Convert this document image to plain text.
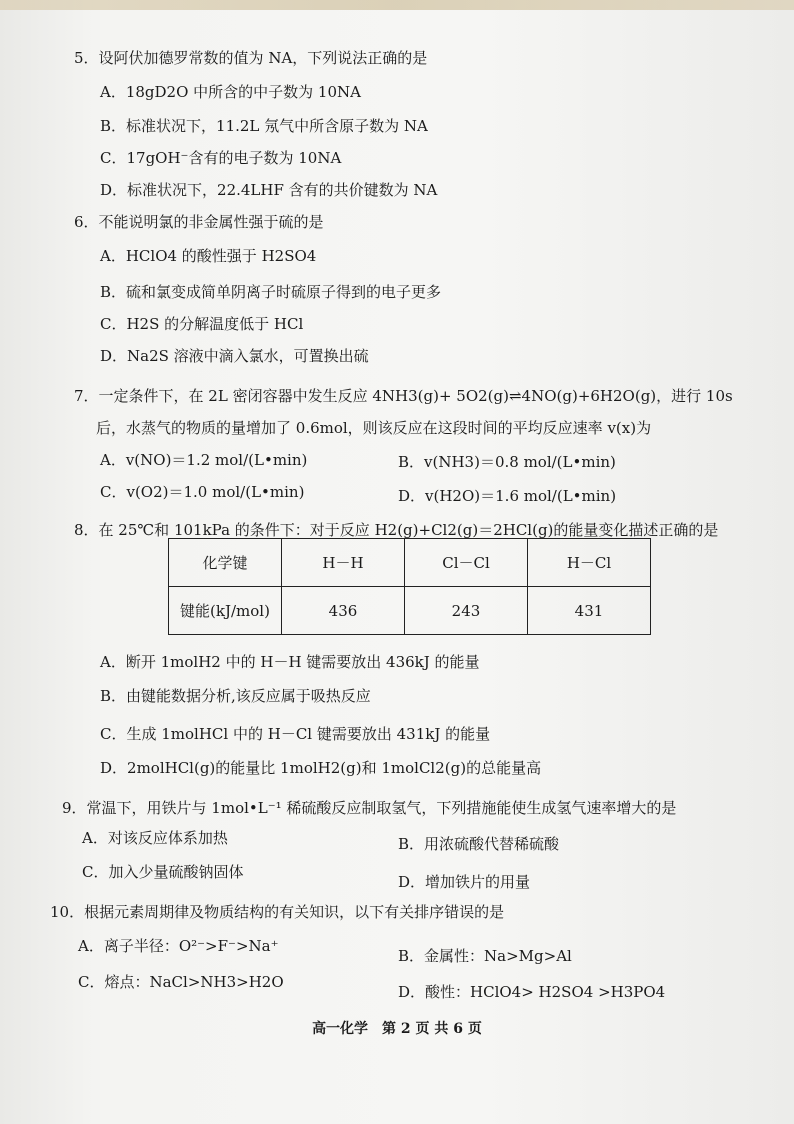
5．设阿伏加德罗常数的值为 NA，下列说法正确的是
A．18gD2O 中所含的中子数为 10NA
B．标准状况下，11.2L 氖气中所含原子数为 NA
C．17gOH⁻含有的电子数为 10NA
D．标准状况下，22.4LHF 含有的共价键数为 NA
6．不能说明氯的非金属性强于硫的是
A．HClO4 的酸性强于 H2SO4
B．硫和氯变成简单阴离子时硫原子得到的电子更多
C．H2S 的分解温度低于 HCl
D．Na2S 溶液中滴入氯水，可置换出硫
7．一定条件下，在 2L 密闭容器中发生反应 4NH3(g)+ 5O2(g)⇌4NO(g)+6H2O(g)，进行 10s
后，水蒸气的物质的量增加了 0.6mol，则该反应在这段时间的平均反应速率 v(x)为
A．v(NO)＝1.2 mol/(L•min)	B．v(NH3)＝0.8 mol/(L•min)
C．v(O2)＝1.0 mol/(L•min)	D．v(H2O)＝1.6 mol/(L•min)
8．在 25℃和 101kPa 的条件下：对于反应 H2(g)+Cl2(g)＝2HCl(g)的能量变化描述正确的是
化学键	H－H	Cl－Cl	H－Cl
键能(kJ/mol)	436	243	431
A．断开 1molH2 中的 H－H 键需要放出 436kJ 的能量
B．由键能数据分析,该反应属于吸热反应
C．生成 1molHCl 中的 H－Cl 键需要放出 431kJ 的能量
D．2molHCl(g)的能量比 1molH2(g)和 1molCl2(g)的总能量高
9．常温下，用铁片与 1mol•L⁻¹ 稀硫酸反应制取氢气，下列措施能使生成氢气速率增大的是
A．对该反应体系加热	B．用浓硫酸代替稀硫酸
C．加入少量硫酸钠固体
D．增加铁片的用量
10．根据元素周期律及物质结构的有关知识，以下有关排序错误的是
A．离子半径：O²⁻>F⁻>Na⁺
B．金属性：Na>Mg>Al
C．熔点：NaCl>NH3>H2O
D．酸性：HClO4> H2SO4 >H3PO4
高一化学　第 2 页 共 6 页
